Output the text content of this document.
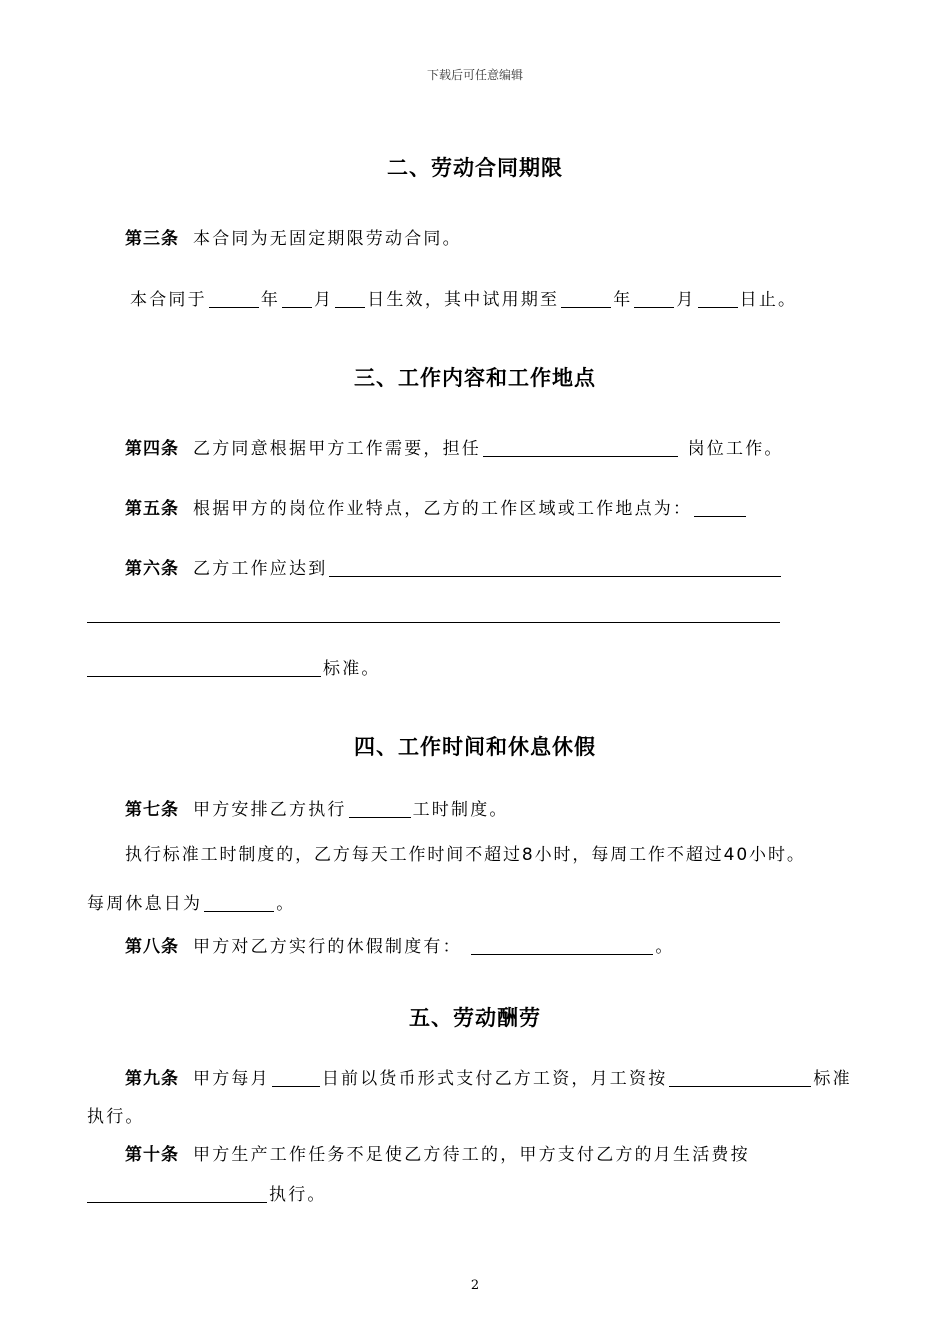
下载后可任意编辑
二、劳动合同期限
第三条 本合同为无固定期限劳动合同。
本合同于	年 月 日生效，其中试用期至	年	月	日止。
三、工作内容和工作地点
第四条 乙方同意根据甲方工作需要，担任	岗位工作。
第五条 根据甲方的岗位作业特点，乙方的工作区域或工作地点为：
第六条 乙方工作应达到
标准。
四、工作时间和休息休假
第七条 甲方安排乙方执行	工时制度。
执行标准工时制度的，乙方每天工作时间不超过8小时，每周工作不超过40小时。
每周休息日为	。
第八条 甲方对乙方实行的休假制度有：	。
五、劳动酬劳
第九条 甲方每月	日前以货币形式支付乙方工资，月工资按	标准
执行。
第十条 甲方生产工作任务不足使乙方待工的，甲方支付乙方的月生活费按
执行。
2
